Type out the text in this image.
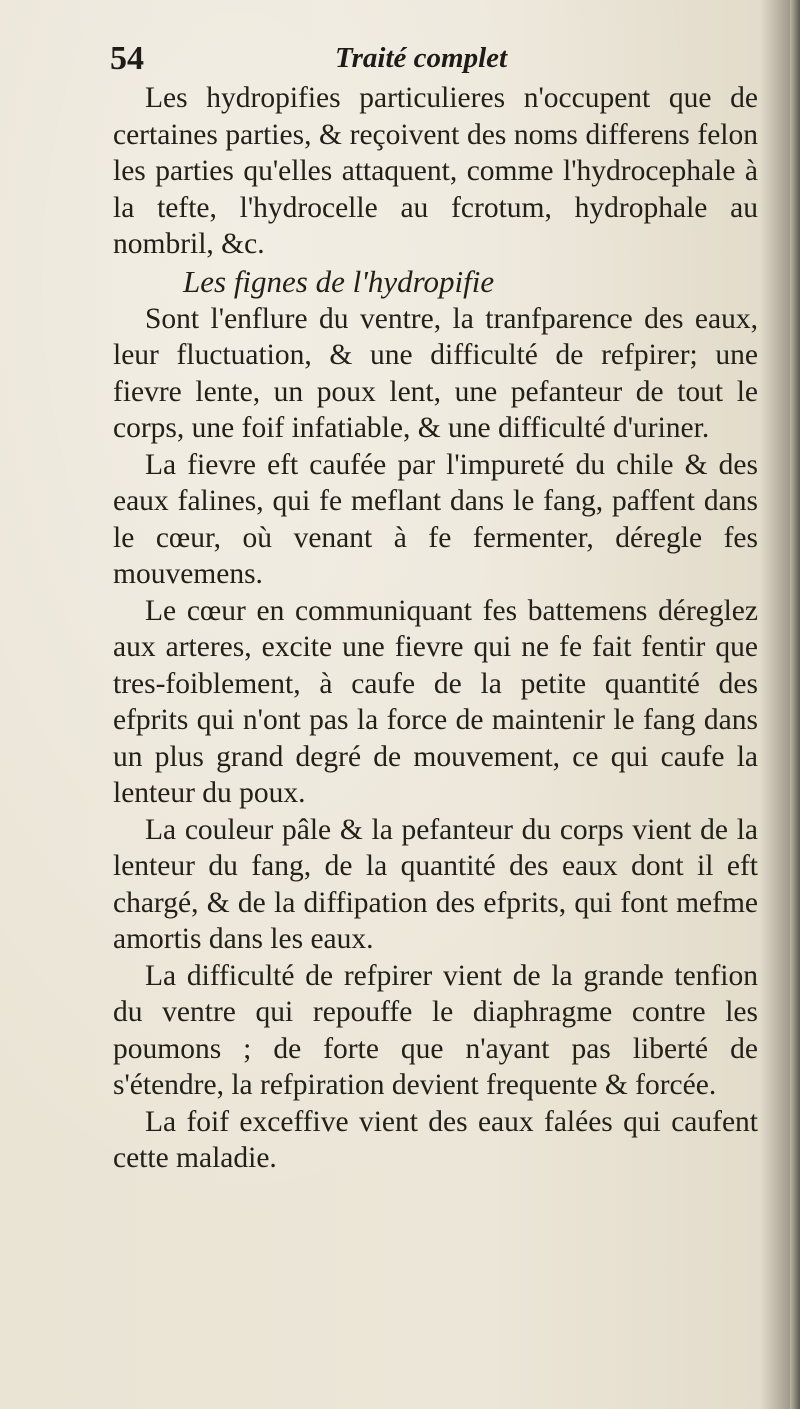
54	Traité complet

Les hydropifies particulieres n'occupent que de certaines parties, & reçoivent des noms differens felon les parties qu'elles attaquent, comme l'hydrocephale à la tefte, l'hydrocelle au fcrotum, hydrophale au nombril, &c.

Les fignes de l'hydropifie

Sont l'enflure du ventre, la tranfparence des eaux, leur fluctuation, & une difficulté de refpirer; une fievre lente, un poux lent, une pefanteur de tout le corps, une foif infatiable, & une difficulté d'uriner.

La fievre eft caufée par l'impureté du chile & des eaux falines, qui fe meflant dans le fang, paffent dans le cœur, où venant à fe fermenter, déregle fes mouvemens.

Le cœur en communiquant fes battemens déreglez aux arteres, excite une fievre qui ne fe fait fentir que tres-foiblement, à caufe de la petite quantité des efprits qui n'ont pas la force de maintenir le fang dans un plus grand degré de mouvement, ce qui caufe la lenteur du poux.

La couleur pâle & la pefanteur du corps vient de la lenteur du fang, de la quantité des eaux dont il eft chargé, & de la diffipation des efprits, qui font mefme amortis dans les eaux.

La difficulté de refpirer vient de la grande tenfion du ventre qui repouffe le diaphragme contre les poumons ; de forte que n'ayant pas liberté de s'étendre, la refpiration devient frequente & forcée.

La foif exceffive vient des eaux falées qui caufent cette maladie.
